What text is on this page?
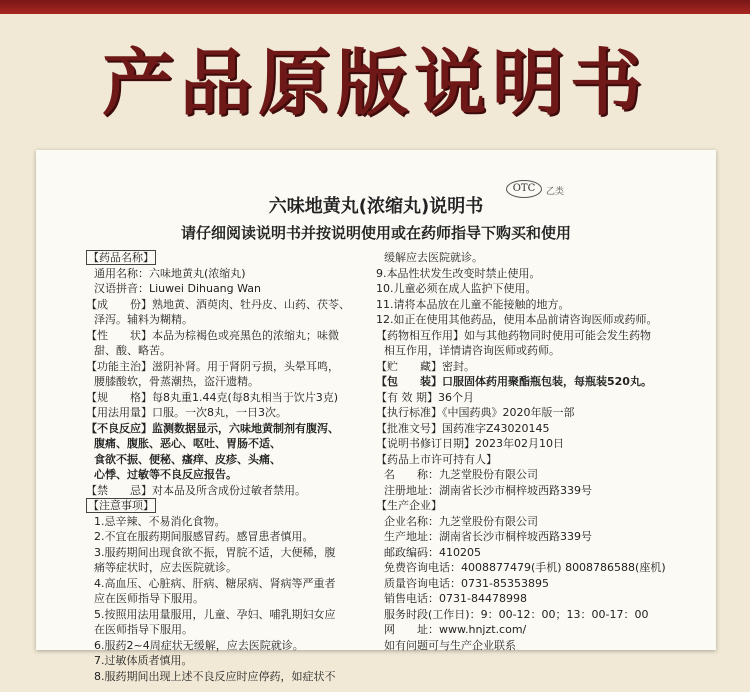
产品原版说明书
OTC	乙类
六味地黄丸(浓缩丸)说明书
请仔细阅读说明书并按说明使用或在药师指导下购买和使用
【药品名称】
通用名称：六味地黄丸(浓缩丸)
汉语拼音：Liuwei Dihuang Wan
【成　　份】熟地黄、酒萸肉、牡丹皮、山药、茯苓、
泽泻。辅料为糊精。
【性　　状】本品为棕褐色或亮黑色的浓缩丸；味微
甜、酸、略苦。
【功能主治】滋阴补肾。用于肾阴亏损，头晕耳鸣，
腰膝酸软，骨蒸潮热，盗汗遗精。
【规　　格】每8丸重1.44克(每8丸相当于饮片3克)
【用法用量】口服。一次8丸，一日3次。
【不良反应】监测数据显示，六味地黄制剂有腹泻、
腹痛、腹胀、恶心、呕吐、胃肠不适、
食欲不振、便秘、瘙痒、皮疹、头痛、
心悸、过敏等不良反应报告。
【禁　　忌】对本品及所含成份过敏者禁用。
【注意事项】
1.忌辛辣、不易消化食物。
2.不宜在服药期间服感冒药。感冒患者慎用。
3.服药期间出现食欲不振，胃脘不适，大便稀，腹
痛等症状时，应去医院就诊。
4.高血压、心脏病、肝病、糖尿病、肾病等严重者
应在医师指导下服用。
5.按照用法用量服用，儿童、孕妇、哺乳期妇女应
在医师指导下服用。
6.服药2~4周症状无缓解，应去医院就诊。
7.过敏体质者慎用。
8.服药期间出现上述不良反应时应停药，如症状不
缓解应去医院就诊。
9.本品性状发生改变时禁止使用。
10.儿童必须在成人监护下使用。
11.请将本品放在儿童不能接触的地方。
12.如正在使用其他药品，使用本品前请咨询医师或药师。
【药物相互作用】如与其他药物同时使用可能会发生药物
相互作用，详情请咨询医师或药师。
【贮　　藏】密封。
【包　　装】口服固体药用聚酯瓶包装，每瓶装520丸。
【有 效 期】36个月
【执行标准】《中国药典》2020年版一部
【批准文号】国药准字Z43020145
【说明书修订日期】2023年02月10日
【药品上市许可持有人】
名　　称：九芝堂股份有限公司
注册地址：湖南省长沙市桐梓坡西路339号
【生产企业】
企业名称：九芝堂股份有限公司
生产地址：湖南省长沙市桐梓坡西路339号
邮政编码：410205
免费咨询电话：4008877479(手机) 8008786588(座机)
质量咨询电话：0731-85353895
销售电话：0731-84478998
服务时段(工作日)：9：00-12：00；13：00-17：00
网　　址：www.hnjzt.com/
如有问题可与生产企业联系
